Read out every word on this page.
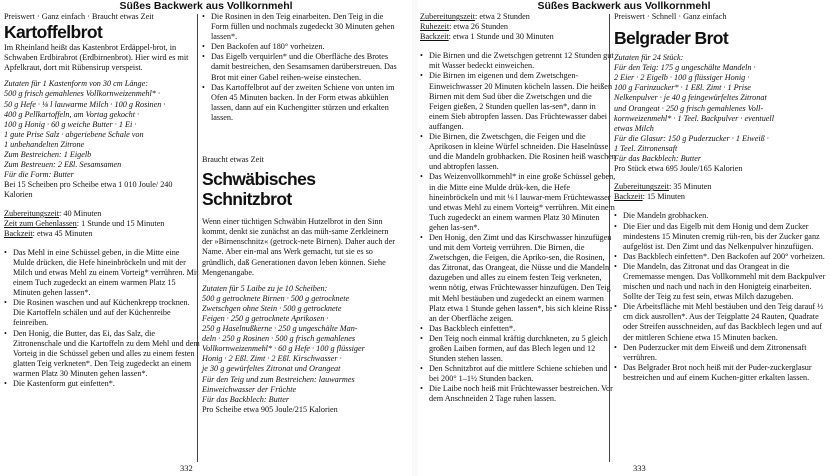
Süßes Backwerk aus Vollkornmehl

Preiswert · Ganz einfach · Braucht etwas Zeit

Kartoffelbrot

Im Rheinland heißt das Kastenbrot Erdäppel-brot, in Schwaben Erdbirabrot (Erdbirnenbrot). Hier wird es mit Apfelkraut, dort mit Rübensirup verspeist.

Zutaten für 1 Kastenform von 30 cm Länge:

500 g frisch gemahlenes Vollkornweizenmehl* ·

50 g Hefe · ⅛ l lauwarme Milch · 100 g Rosinen ·

400 g Pellkartoffeln, am Vortag gekocht ·

100 g Honig · 60 g weiche Butter · 1 Ei ·

1 gute Prise Salz · abgeriebene Schale von

1 unbehandelten Zitrone

Zum Bestreichen: 1 Eigelb

Zum Bestreuen: 2 Eßl. Sesamsamen

Für die Form: Butter

Bei 15 Scheiben pro Scheibe etwa 1 010 Joule/ 240 Kalorien

Zubereitungszeit: 40 Minuten

Zeit zum Gehenlassen: 1 Stunde und 15 Minuten

Backzeit: etwa 45 Minuten

• Das Mehl in eine Schüssel geben, in die Mitte eine Mulde drücken, die Hefe hineinbröckeln und mit der Milch und etwas Mehl zu einem Vorteig* verrühren. Mit einem Tuch zugedeckt an einem warmen Platz 15 Minuten gehen lassen*.

• Die Rosinen waschen und auf Küchenkrepp trocknen. Die Kartoffeln schälen und auf der Küchenreibe feinreiben.

• Den Honig, die Butter, das Ei, das Salz, die Zitronenschale und die Kartoffeln zu dem Mehl und dem Vorteig in die Schüssel geben und alles zu einem festen glatten Teig verkneten*. Den Teig zugedeckt an einem warmen Platz 30 Minuten gehen lassen*.

• Die Kastenform gut einfetten*.

• Die Rosinen in den Teig einarbeiten. Den Teig in die Form füllen und nochmals zugedeckt 30 Minuten gehen lassen*.

• Den Backofen auf 180° vorheizen.

• Das Eigelb verquirlen* und die Oberfläche des Brotes damit bestreichen, den Sesamsamen darüberstreuen. Das Brot mit einer Gabel reihen-weise einstechen.

• Das Kartoffelbrot auf der zweiten Schiene von unten im Ofen 45 Minuten backen. In der Form etwas abkühlen lassen, dann auf ein Kuchengitter stürzen und erkalten lassen.

Braucht etwas Zeit

Schwäbisches
Schnitzbrot

Wenn einer tüchtigen Schwäbin Hutzelbrot in den Sinn kommt, denkt sie zunächst an das müh-same Zerkleinern der »Birnenschnitz« (getrock-nete Birnen). Daher auch der Name. Aber ein-mal ans Werk gemacht, tut sie es so gründlich, daß Generationen davon leben können. Siehe Mengenangabe.

Zutaten für 5 Laibe zu je 10 Scheiben:

500 g getrocknete Birnen · 500 g getrocknete

Zwetschgen ohne Stein · 500 g getrocknete

Feigen · 250 g getrocknete Aprikosen ·

250 g Haselnußkerne · 250 g ungeschälte Man-

deln · 250 g Rosinen · 500 g frisch gemahlenes

Vollkornweizenmehl* · 60 g Hefe · 100 g flüssiger

Honig · 2 Eßl. Zimt · 2 Eßl. Kirschwasser ·

je 30 g gewürfeltes Zitronat und Orangeat

Für den Teig und zum Bestreichen: lauwarmes

Einweichwasser der Früchte

Für das Backblech: Butter

Pro Scheibe etwa 905 Joule/215 Kalorien

332
Süßes Backwerk aus Vollkornmehl

Zubereitungszeit: etwa 2 Stunden

Ruhezeit: etwa 26 Stunden

Backzeit: etwa 1 Stunde und 30 Minuten

• Die Birnen und die Zwetschgen getrennt 12 Stunden gut mit Wasser bedeckt einweichen.

• Die Birnen im eigenen und dem Zwetschgen-Einweichwasser 20 Minuten köcheln lassen. Die heißen Birnen mit dem Sud über die Zwetschgen und die Feigen gießen, 2 Stunden quellen las-sen*, dann in einem Sieb abtropfen lassen. Das Früchtewasser dabei auffangen.

• Die Birnen, die Zwetschgen, die Feigen und die Aprikosen in kleine Würfel schneiden. Die Haselnüsse und die Mandeln grobhacken. Die Rosinen heiß waschen und abtropfen lassen.

• Das Weizenvollkornmehl* in eine große Schüssel geben, in die Mitte eine Mulde drük-ken, die Hefe hineinbröckeln und mit ⅛ l lauwar-mem Früchtewasser und etwas Mehl zu einem Vorteig* verrühren. Mit einem Tuch zugedeckt an einem warmen Platz 30 Minuten gehen las-sen*.

• Den Honig, den Zimt und das Kirschwasser hinzufügen und mit dem Vorteig verrühren. Die Birnen, die Zwetschgen, die Feigen, die Apriko-sen, die Rosinen, das Zitronat, das Orangeat, die Nüsse und die Mandeln dazugeben und alles zu einem festen Teig verkneten, wenn nötig, etwas Früchtewasser hinzufügen. Den Teig mit Mehl bestäuben und zugedeckt an einem warmen Platz etwa 1 Stunde gehen lassen*, bis sich kleine Risse an der Oberfläche zeigen.

• Das Backblech einfetten*.

• Den Teig noch einmal kräftig durchkneten, zu 5 gleich großen Laiben formen, auf das Blech legen und 12 Stunden stehen lassen.

• Den Schnitzbrot auf die mittlere Schiene schieben und bei 200° 1–1½ Stunden backen.

• Die Laibe noch heiß mit Früchtewasser bestreichen. Vor dem Anschneiden 2 Tage ruhen lassen.

Preiswert · Schnell · Ganz einfach

Belgrader Brot

Zutaten für 24 Stück:

Für den Teig: 175 g ungeschälte Mandeln ·

2 Eier · 2 Eigelb · 100 g flüssiger Honig ·

100 g Farinzucker* · 1 Eßl. Zimt · 1 Prise

Nelkenpulver · je 40 g feingewürfeltes Zitronat

und Orangeat · 250 g frisch gemahlenes Voll-

kornweizenmehl* · 1 Teel. Backpulver · eventuell

etwas Milch

Für die Glasur: 150 g Puderzucker · 1 Eiweiß ·

1 Teel. Zitronensaft

Für das Backblech: Butter

Pro Stück etwa 695 Joule/165 Kalorien

Zubereitungszeit: 35 Minuten

Backzeit: 15 Minuten

• Die Mandeln grobhacken.

• Die Eier und das Eigelb mit dem Honig und dem Zucker mindestens 15 Minuten cremig rüh-ren, bis der Zucker ganz aufgelöst ist. Den Zimt und das Nelkenpulver hinzufügen.

• Das Backblech einfetten*. Den Backofen auf 200° vorheizen.

• Die Mandeln, das Zitronat und das Orangeat in die Crememasse mengen. Das Vollkornmehl mit dem Backpulver mischen und nach und nach in den Honigteig einarbeiten. Sollte der Teig zu fest sein, etwas Milch dazugeben.

• Die Arbeitsfläche mit Mehl bestäuben und den Teig darauf ½ cm dick ausrollen*. Aus der Teigplatte 24 Rauten, Quadrate oder Streifen ausschneiden, auf das Backblech legen und auf der mittleren Schiene etwa 15 Minuten backen.

• Den Puderzucker mit dem Eiweiß und dem Zitronensaft verrühren.

• Das Belgrader Brot noch heiß mit der Puder-zuckerglasur bestreichen und auf einem Kuchen-gitter erkalten lassen.

333
